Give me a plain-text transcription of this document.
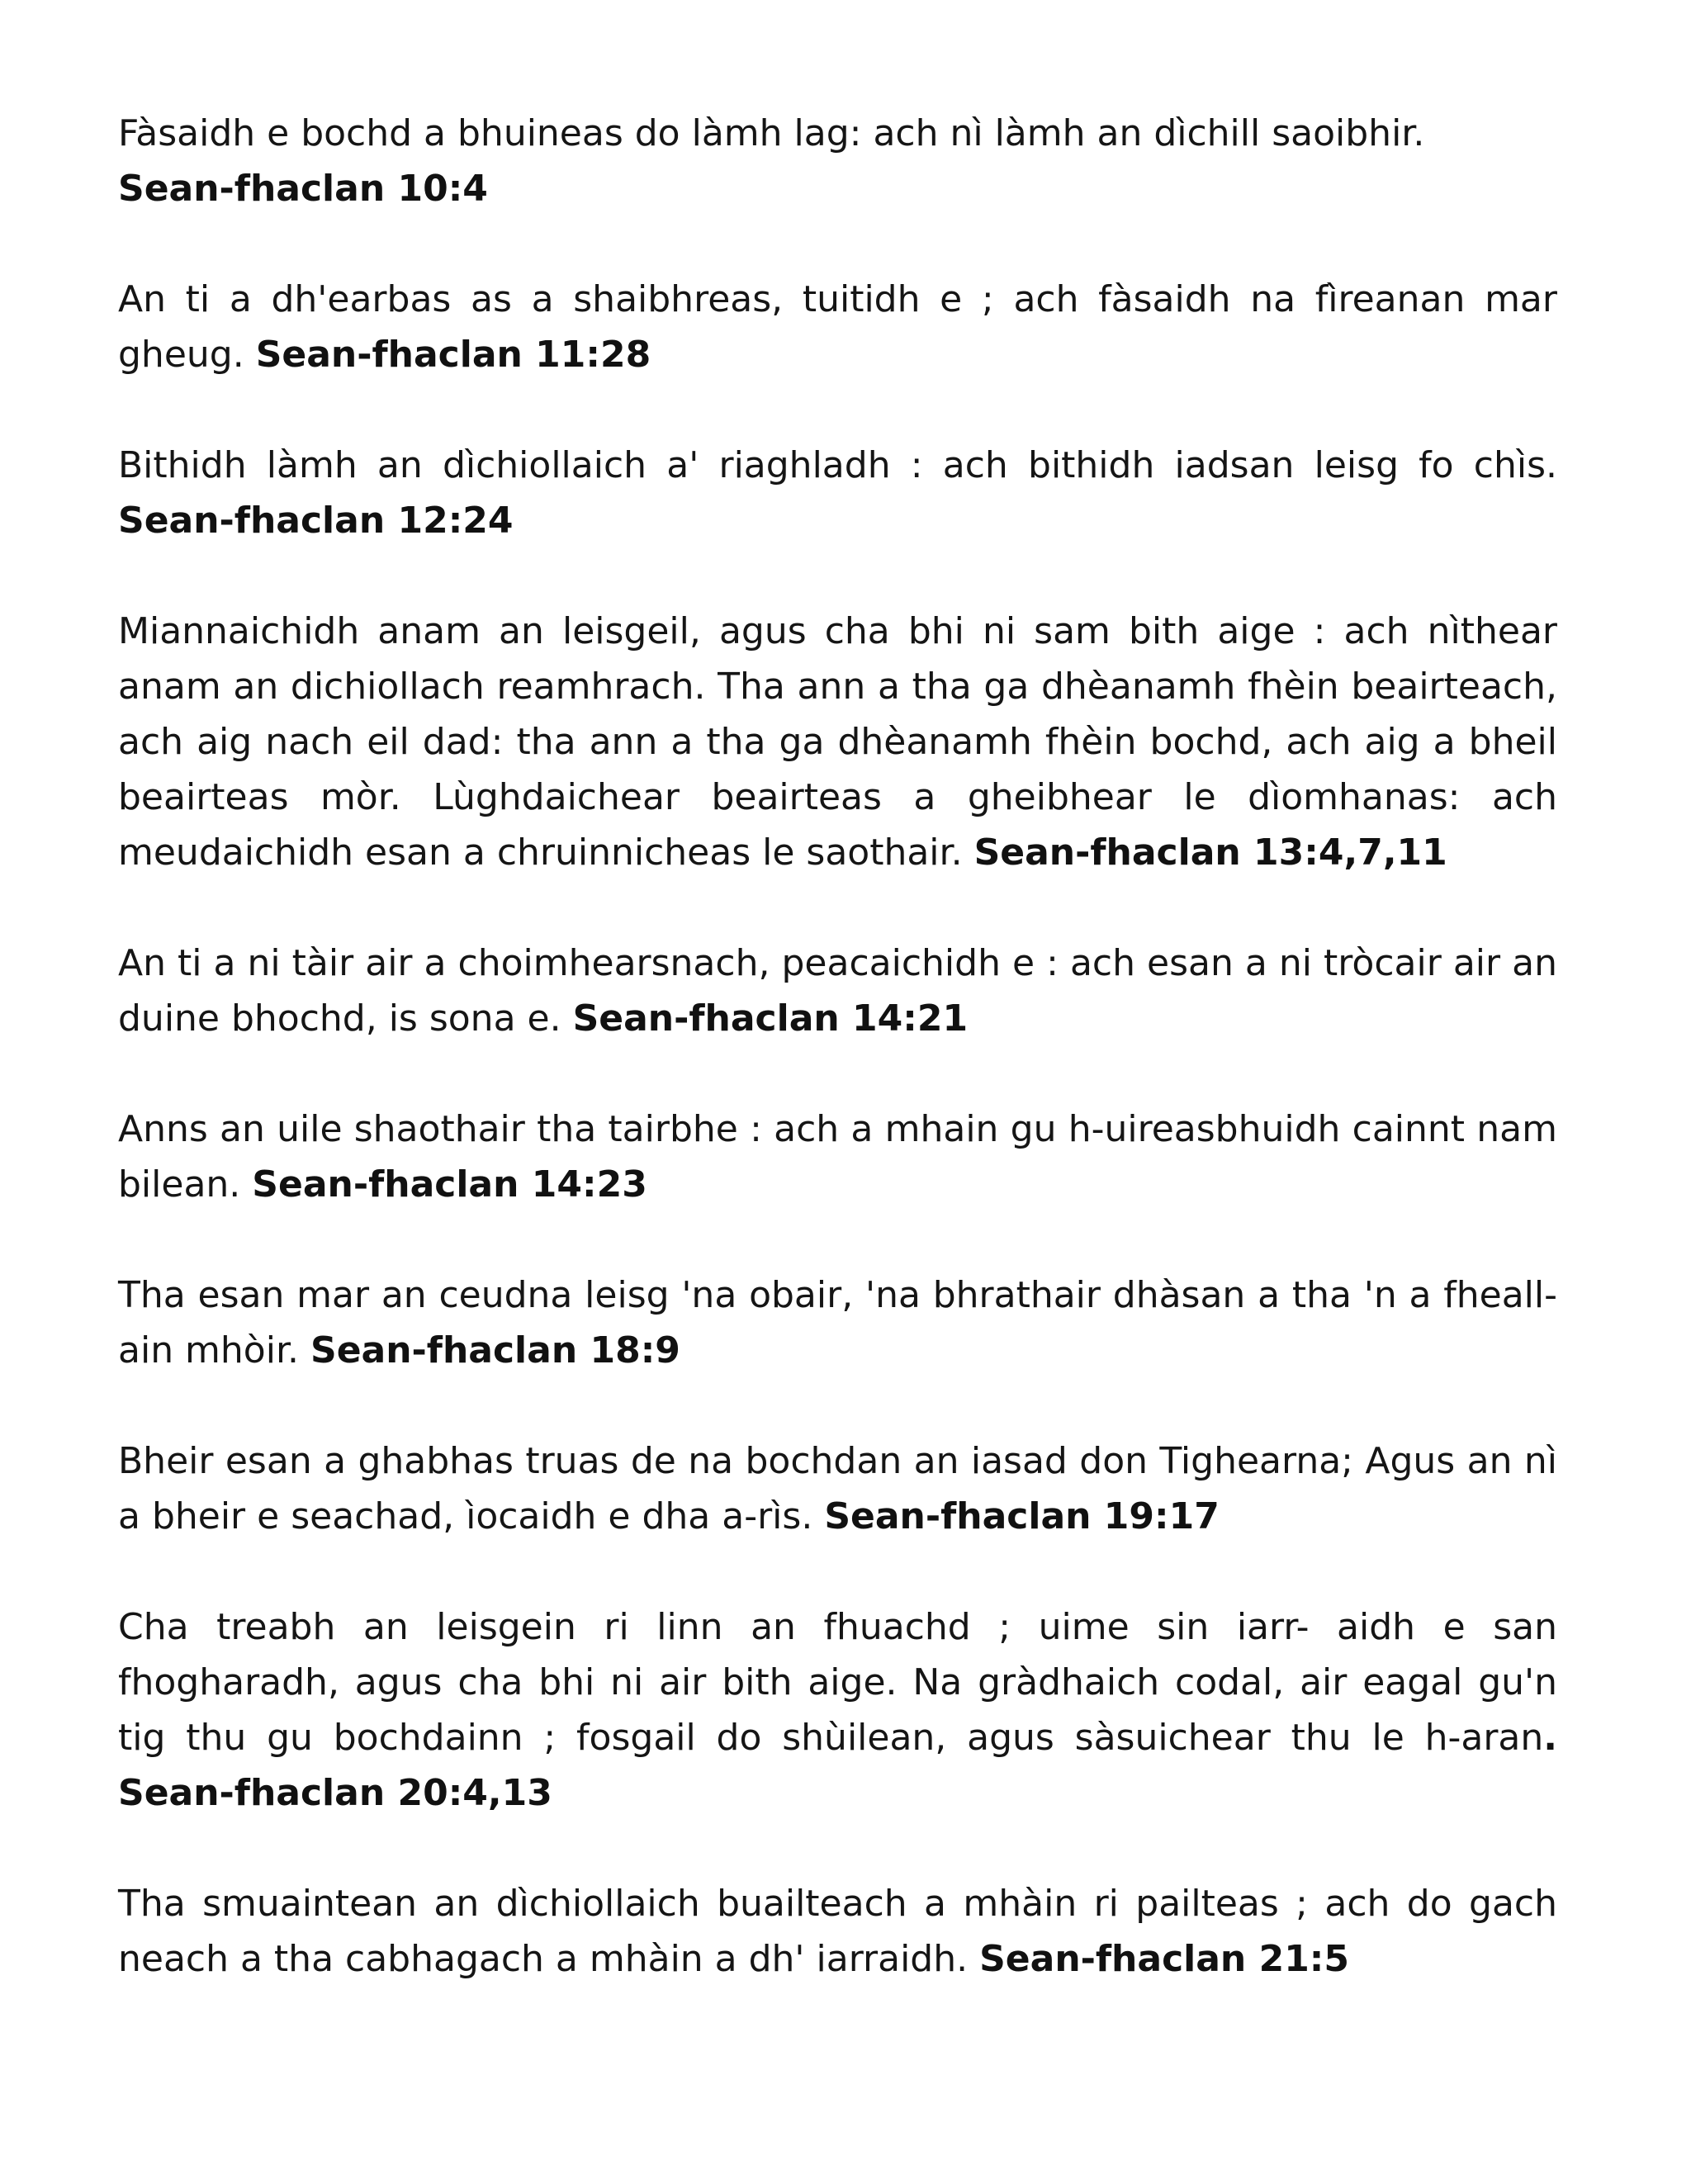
Fàsaidh e bochd a bhuineas do làmh lag: ach nì làmh an dìchill saoibhir.
Sean-fhaclan 10:4

An ti a dh'earbas as a shaibhreas, tuitidh e ; ach fàsaidh na fìreanan mar gheug. Sean-fhaclan 11:28

Bithidh làmh an dìchiollaich a' riaghladh : ach bithidh iadsan leisg fo chìs. Sean-fhaclan 12:24

Miannaichidh anam an leisgeil, agus cha bhi ni sam bith aige : ach nìthear anam an dichiollach reamhrach. Tha ann a tha ga dhèanamh fhèin beairteach, ach aig nach eil dad: tha ann a tha ga dhèanamh fhèin bochd, ach aig a bheil beairteas mòr. Lùghdaichear beairteas a gheibhear le dìomhanas: ach meudaichidh esan a chruinnicheas le saothair. Sean-fhaclan 13:4,7,11

An ti a ni tàir air a choimhearsnach, peacaichidh e : ach esan a ni tròcair air an duine bhochd, is sona e. Sean-fhaclan 14:21

Anns an uile shaothair tha tairbhe : ach a mhain gu h-uireasbhuidh cainnt nam bilean. Sean-fhaclan 14:23

Tha esan mar an ceudna leisg 'na obair, 'na bhrathair dhàsan a tha 'n a fheall- ain mhòir. Sean-fhaclan 18:9

Bheir esan a ghabhas truas de na bochdan an iasad don Tighearna; Agus an nì a bheir e seachad, ìocaidh e dha a-rìs. Sean-fhaclan 19:17

Cha treabh an leisgein ri linn an fhuachd ; uime sin iarr- aidh e san fhogharadh, agus cha bhi ni air bith aige. Na gràdhaich codal, air eagal gu'n tig thu gu bochdainn ; fosgail do shùilean, agus sàsuichear thu le h-aran. Sean-fhaclan 20:4,13

Tha smuaintean an dìchiollaich buailteach a mhàin ri pailteas ; ach do gach neach a tha cabhagach a mhàin a dh' iarraidh. Sean-fhaclan 21:5
